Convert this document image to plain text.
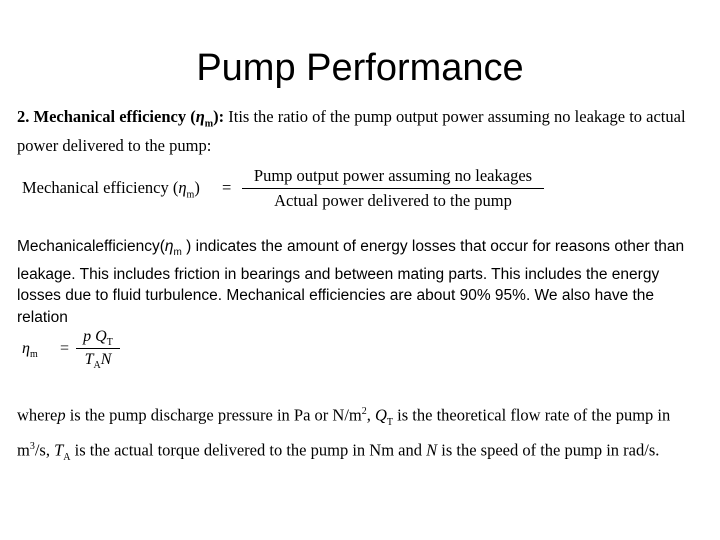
Pump Performance
2. Mechanical efficiency $(\eta_m)$: Itis the ratio of the pump output power assuming no leakage to actual power delivered to the pump:
Mechanical efficiency $(\eta_m)$ =
Pump output power assuming no leakages
Actual power delivered to the pump
$Mechanicalefficiency(\eta_m$ ) indicates the amount of energy losses that occur for reasons other than leakage. This includes friction in bearings and between mating parts. This includes the energy losses due to fluid turbulence. Mechanical efficiencies are about 90% 95%. We also have the relation
$\eta_m$ =
p $Q_T$
$T_AN$
wherep is the pump discharge pressure in Pa or $N/m^2$, $Q_T$ is the theoretical flow rate of the pump in $m^3/s$, $T_A$ is the actual torque delivered to the pump in Nm and N is the speed of the pump in rad/s.
